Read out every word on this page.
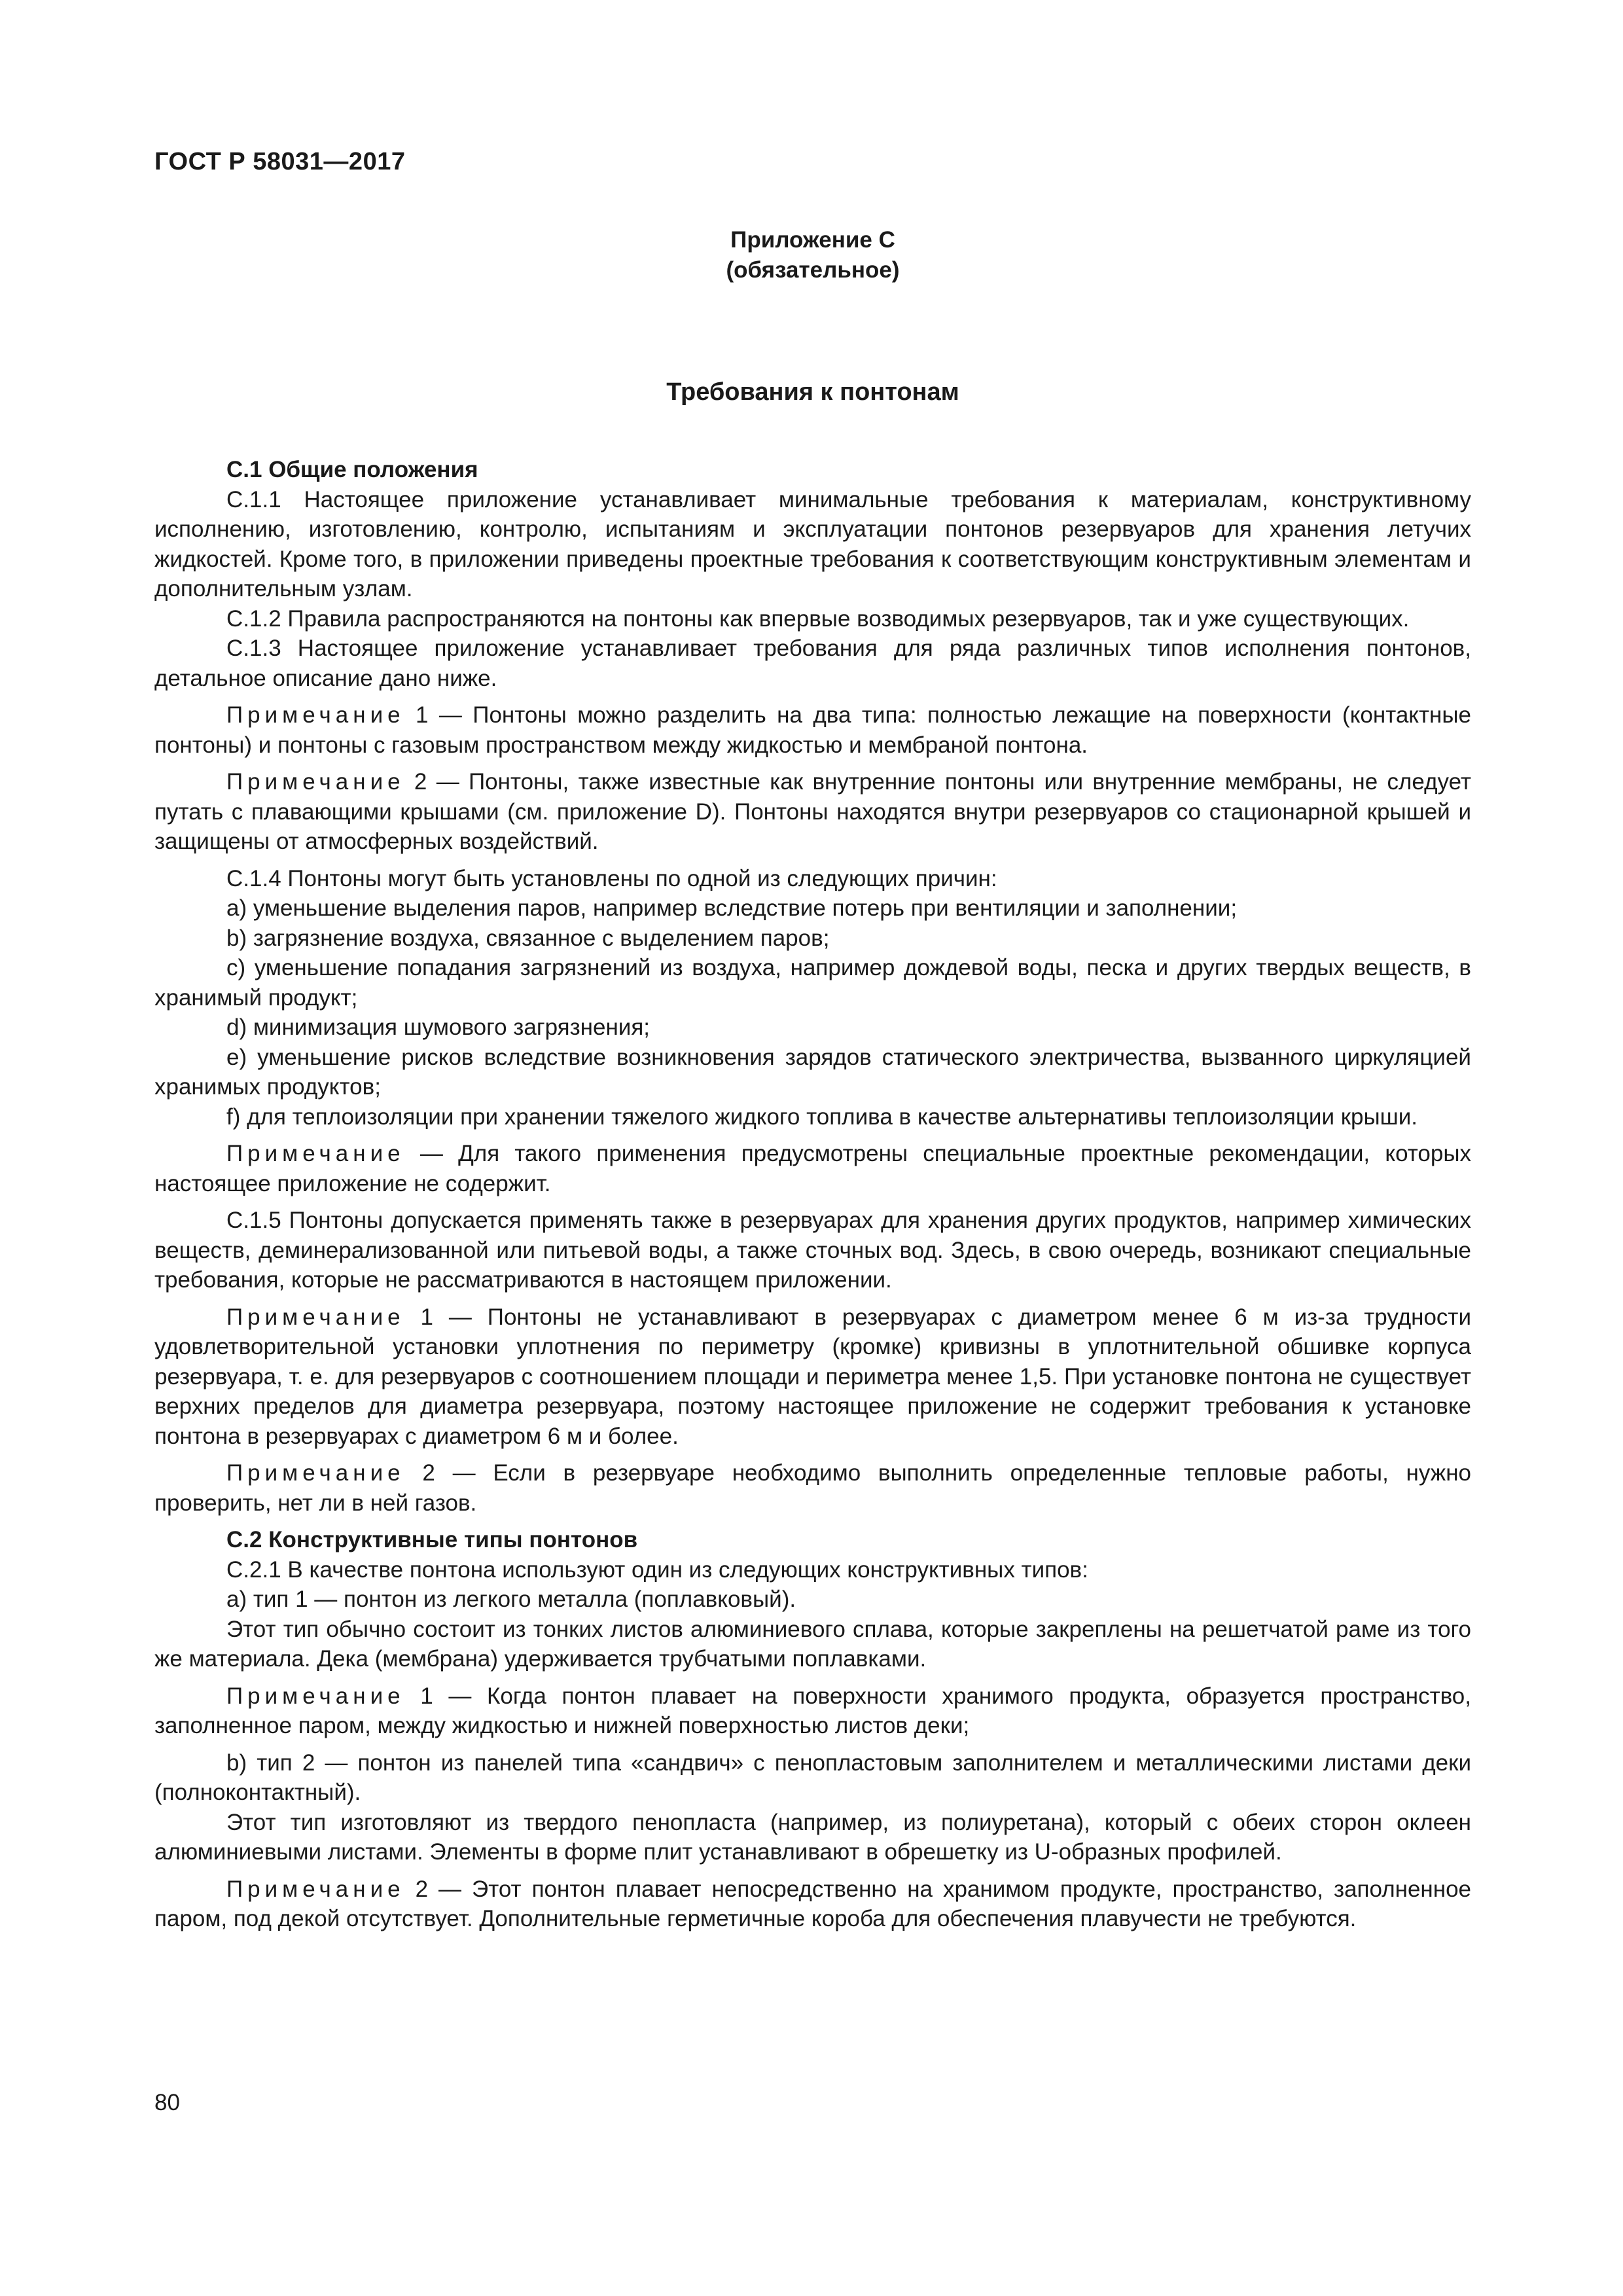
ГОСТ Р 58031—2017
Приложение С
(обязательное)
Требования к понтонам

С.1 Общие положения

С.1.1 Настоящее приложение устанавливает минимальные требования к материалам, конструктивному исполнению, изготовлению, контролю, испытаниям и эксплуатации понтонов резервуаров для хранения летучих жидкостей. Кроме того, в приложении приведены проектные требования к соответствующим конструктивным элементам и дополнительным узлам.

С.1.2 Правила распространяются на понтоны как впервые возводимых резервуаров, так и уже существующих.

С.1.3 Настоящее приложение устанавливает требования для ряда различных типов исполнения понтонов, детальное описание дано ниже.

Примечание 1 — Понтоны можно разделить на два типа: полностью лежащие на поверхности (контактные понтоны) и понтоны с газовым пространством между жидкостью и мембраной понтона.

Примечание 2 — Понтоны, также известные как внутренние понтоны или внутренние мембраны, не следует путать с плавающими крышами (см. приложение D). Понтоны находятся внутри резервуаров со стационарной крышей и защищены от атмосферных воздействий.

С.1.4 Понтоны могут быть установлены по одной из следующих причин:

а) уменьшение выделения паров, например вследствие потерь при вентиляции и заполнении;

b) загрязнение воздуха, связанное с выделением паров;

c) уменьшение попадания загрязнений из воздуха, например дождевой воды, песка и других твердых веществ, в хранимый продукт;

d) минимизация шумового загрязнения;

e) уменьшение рисков вследствие возникновения зарядов статического электричества, вызванного циркуляцией хранимых продуктов;

f) для теплоизоляции при хранении тяжелого жидкого топлива в качестве альтернативы теплоизоляции крыши.

Примечание — Для такого применения предусмотрены специальные проектные рекомендации, которых настоящее приложение не содержит.

С.1.5 Понтоны допускается применять также в резервуарах для хранения других продуктов, например химических веществ, деминерализованной или питьевой воды, а также сточных вод. Здесь, в свою очередь, возникают специальные требования, которые не рассматриваются в настоящем приложении.

Примечание 1 — Понтоны не устанавливают в резервуарах с диаметром менее 6 м из-за трудности удовлетворительной установки уплотнения по периметру (кромке) кривизны в уплотнительной обшивке корпуса резервуара, т. е. для резервуаров с соотношением площади и периметра менее 1,5. При установке понтона не существует верхних пределов для диаметра резервуара, поэтому настоящее приложение не содержит требования к установке понтона в резервуарах с диаметром 6 м и более.

Примечание 2 — Если в резервуаре необходимо выполнить определенные тепловые работы, нужно проверить, нет ли в ней газов.

С.2 Конструктивные типы понтонов

С.2.1 В качестве понтона используют один из следующих конструктивных типов:

а) тип 1 — понтон из легкого металла (поплавковый).

Этот тип обычно состоит из тонких листов алюминиевого сплава, которые закреплены на решетчатой раме из того же материала. Дека (мембрана) удерживается трубчатыми поплавками.

Примечание 1 — Когда понтон плавает на поверхности хранимого продукта, образуется пространство, заполненное паром, между жидкостью и нижней поверхностью листов деки;

b) тип 2 — понтон из панелей типа «сандвич» с пенопластовым заполнителем и металлическими листами деки (полноконтактный).

Этот тип изготовляют из твердого пенопласта (например, из полиуретана), который с обеих сторон оклеен алюминиевыми листами. Элементы в форме плит устанавливают в обрешетку из U-образных профилей.

Примечание 2 — Этот понтон плавает непосредственно на хранимом продукте, пространство, заполненное паром, под декой отсутствует. Дополнительные герметичные короба для обеспечения плавучести не требуются.

80
